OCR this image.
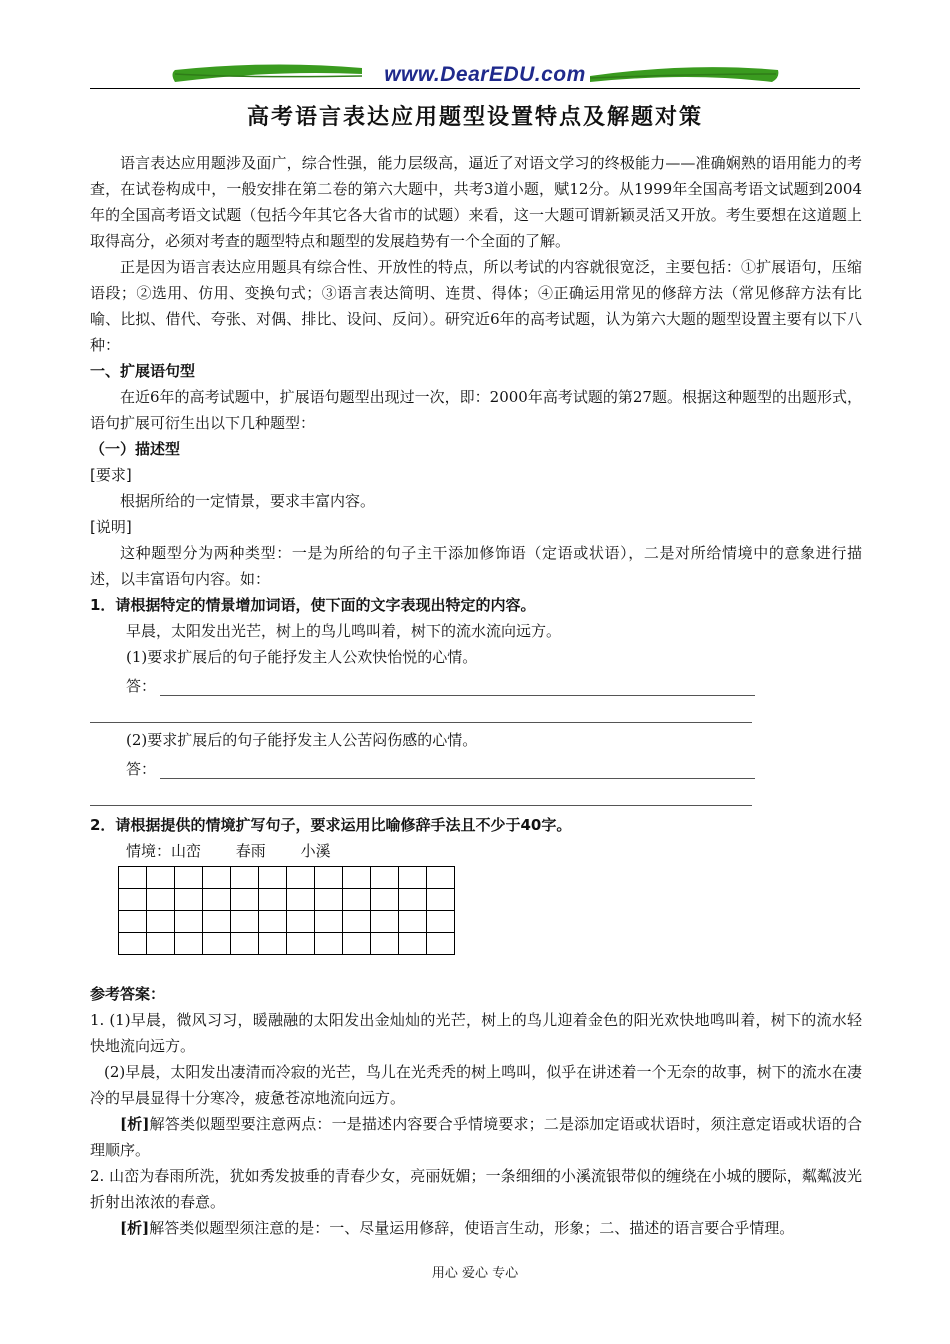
www.DearEDU.com
高考语言表达应用题型设置特点及解题对策

语言表达应用题涉及面广，综合性强，能力层级高，逼近了对语文学习的终极能力——准确娴熟的语用能力的考查，在试卷构成中，一般安排在第二卷的第六大题中，共考3道小题，赋12分。从1999年全国高考语文试题到2004年的全国高考语文试题（包括今年其它各大省市的试题）来看，这一大题可谓新颖灵活又开放。考生要想在这道题上取得高分，必须对考查的题型特点和题型的发展趋势有一个全面的了解。

正是因为语言表达应用题具有综合性、开放性的特点，所以考试的内容就很宽泛，主要包括：①扩展语句，压缩语段；②选用、仿用、变换句式；③语言表达简明、连贯、得体；④正确运用常见的修辞方法（常见修辞方法有比喻、比拟、借代、夸张、对偶、排比、设问、反问）。研究近6年的高考试题，认为第六大题的题型设置主要有以下八种：

一、扩展语句型

在近6年的高考试题中，扩展语句题型出现过一次，即：2000年高考试题的第27题。根据这种题型的出题形式，语句扩展可衍生出以下几种题型：

（一）描述型

[要求]

根据所给的一定情景，要求丰富内容。

[说明]

这种题型分为两种类型：一是为所给的句子主干添加修饰语（定语或状语），二是对所给情境中的意象进行描述，以丰富语句内容。如：

1．请根据特定的情景增加词语，使下面的文字表现出特定的内容。

早晨，太阳发出光芒，树上的鸟儿鸣叫着，树下的流水流向远方。

(1)要求扩展后的句子能抒发主人公欢快怡悦的心情。

答：

(2)要求扩展后的句子能抒发主人公苦闷伤感的心情。

答：

2．请根据提供的情境扩写句子，要求运用比喻修辞手法且不少于40字。

情境：山峦 春雨 小溪

参考答案：

1. (1)早晨，微风习习，暖融融的太阳发出金灿灿的光芒，树上的鸟儿迎着金色的阳光欢快地鸣叫着，树下的流水轻快地流向远方。

(2)早晨，太阳发出凄清而冷寂的光芒，鸟儿在光秃秃的树上鸣叫，似乎在讲述着一个无奈的故事，树下的流水在凄冷的早晨显得十分寒冷，疲惫苍凉地流向远方。

[析]解答类似题型要注意两点：一是描述内容要合乎情境要求；二是添加定语或状语时，须注意定语或状语的合理顺序。

2. 山峦为春雨所洗，犹如秀发披垂的青春少女，亮丽妩媚；一条细细的小溪流银带似的缠绕在小城的腰际，粼粼波光折射出浓浓的春意。

[析]解答类似题型须注意的是：一、尽量运用修辞，使语言生动，形象；二、描述的语言要合乎情理。

用心 爱心 专心
